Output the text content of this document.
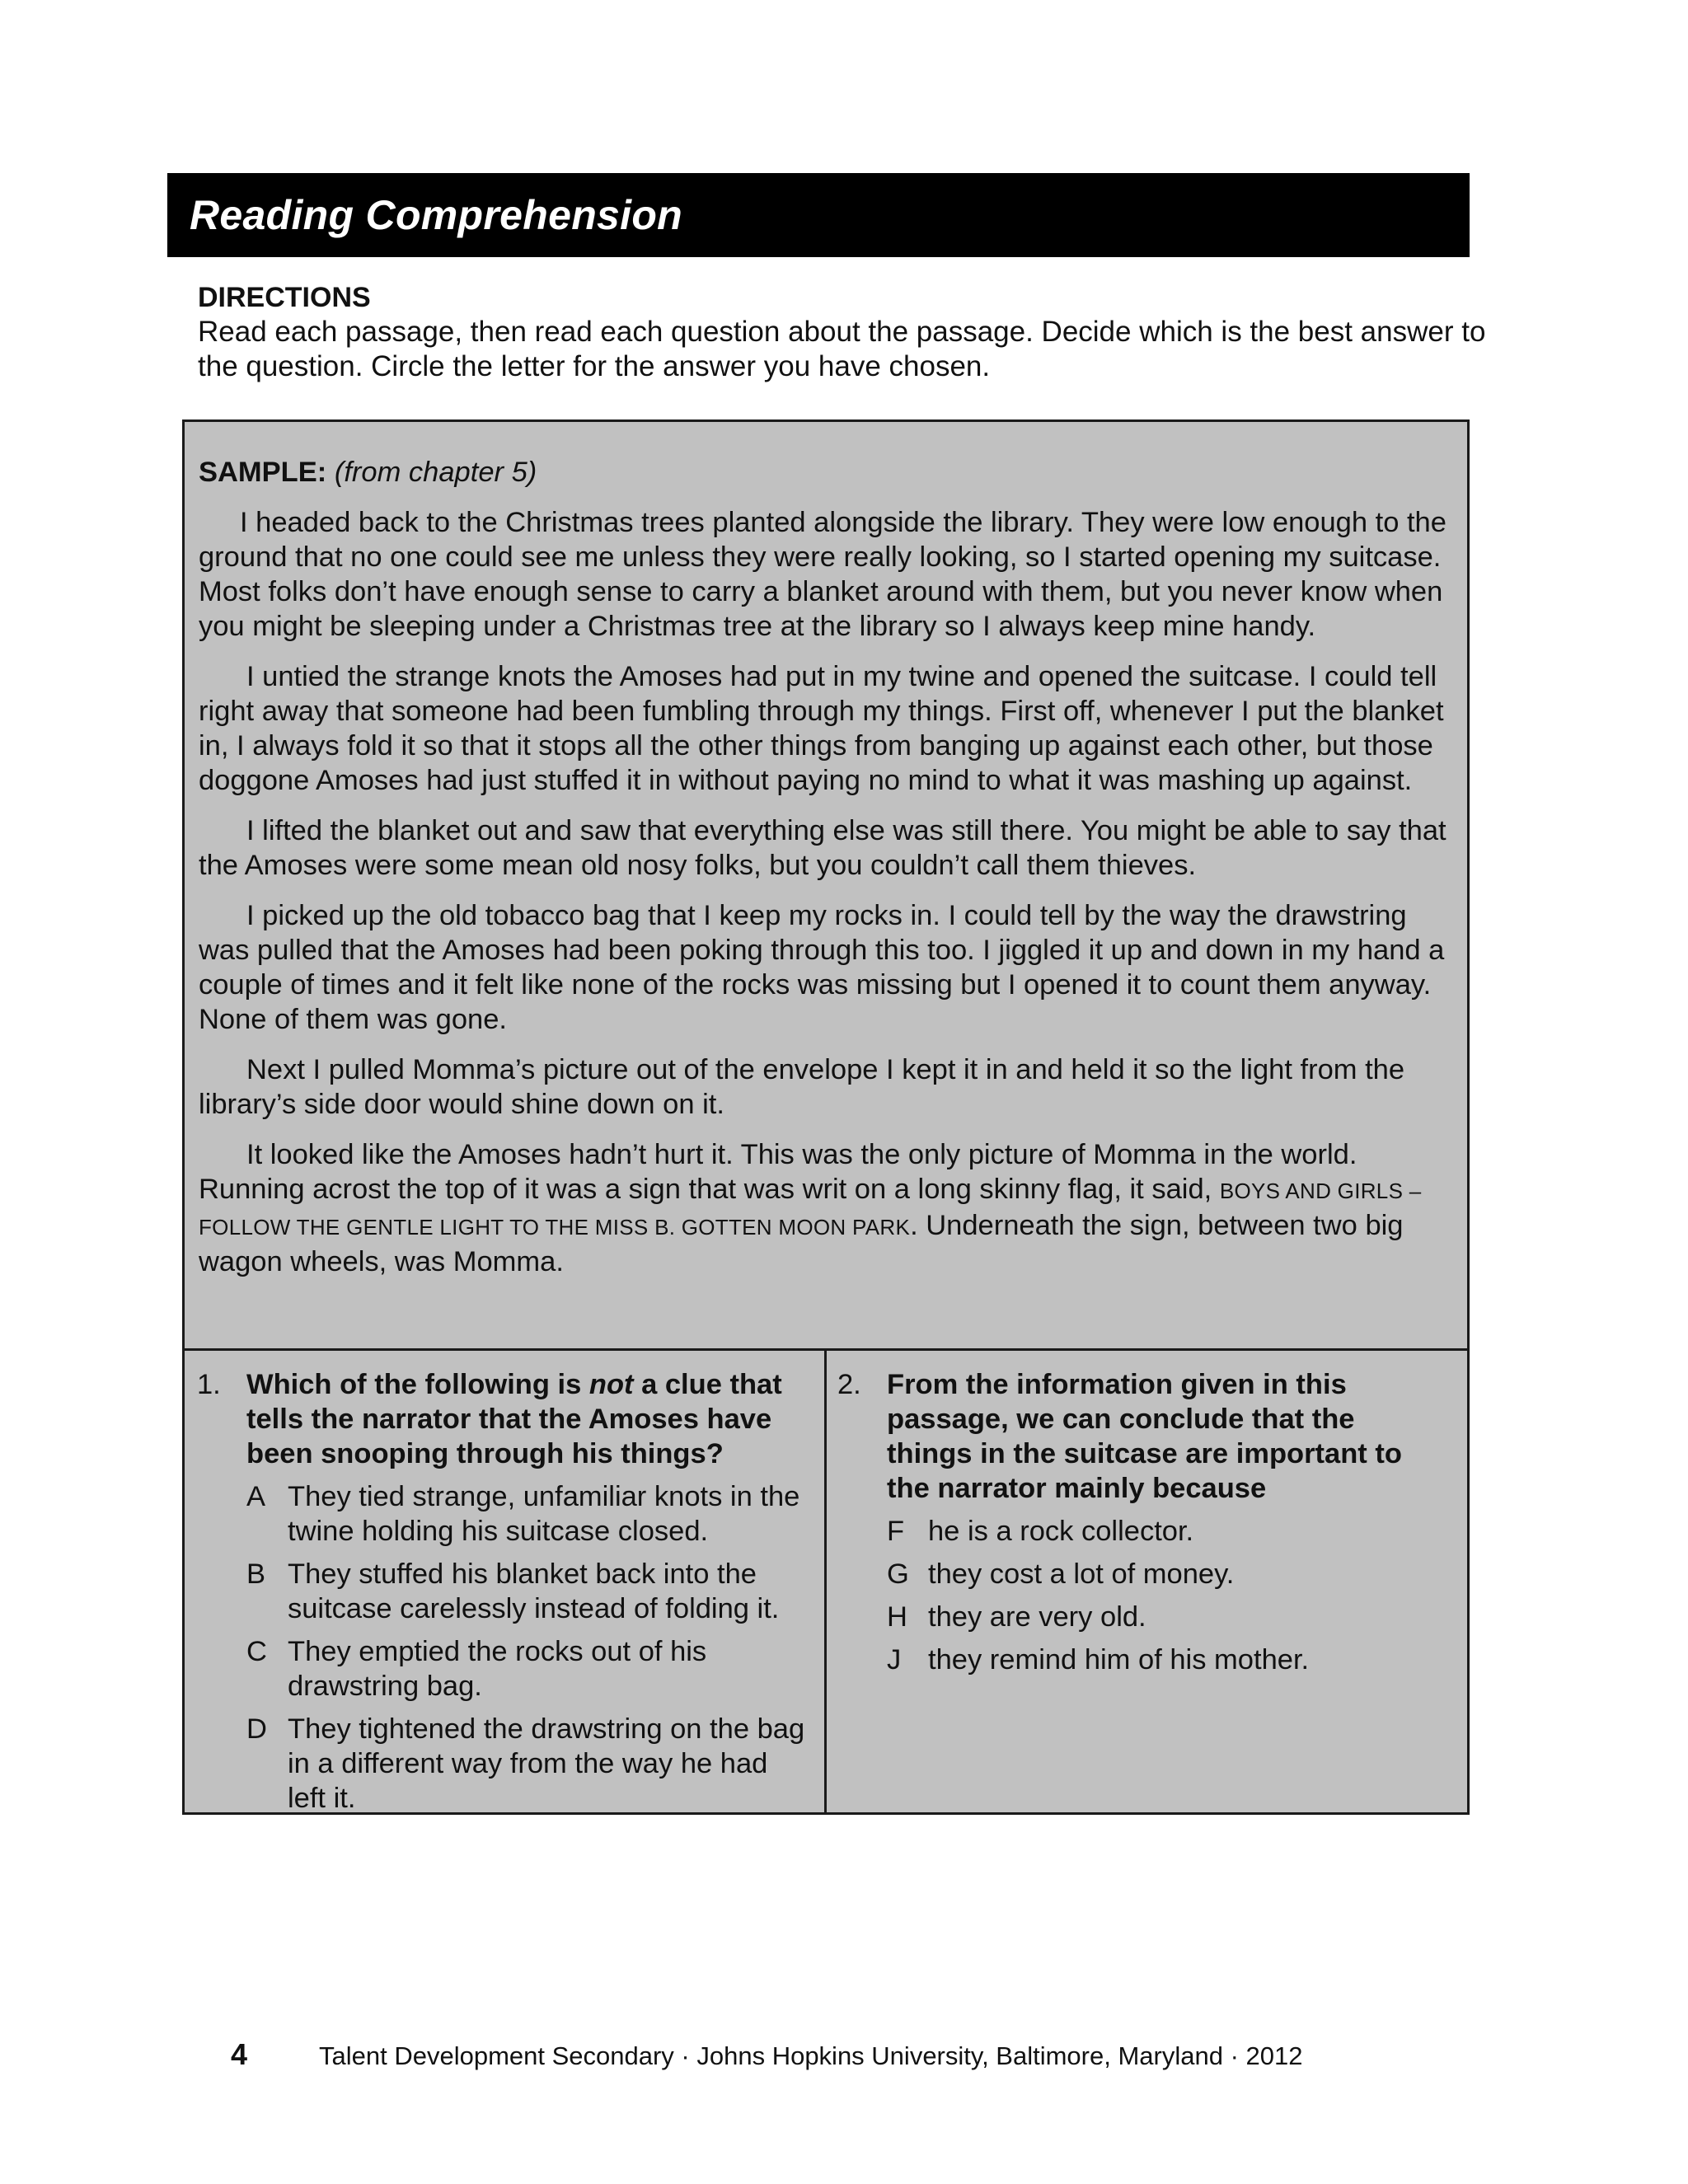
Reading Comprehension
DIRECTIONS
Read each passage, then read each question about the passage. Decide which is the best answer to the question. Circle the letter for the answer you have chosen.
SAMPLE: (from chapter 5)

I headed back to the Christmas trees planted alongside the library. They were low enough to the ground that no one could see me unless they were really looking, so I started opening my suitcase. Most folks don’t have enough sense to carry a blanket around with them, but you never know when you might be sleeping under a Christmas tree at the library so I always keep mine handy.

I untied the strange knots the Amoses had put in my twine and opened the suitcase. I could tell right away that someone had been fumbling through my things. First off, whenever I put the blanket in, I always fold it so that it stops all the other things from banging up against each other, but those doggone Amoses had just stuffed it in without paying no mind to what it was mashing up against.

I lifted the blanket out and saw that everything else was still there. You might be able to say that the Amoses were some mean old nosy folks, but you couldn’t call them thieves.

I picked up the old tobacco bag that I keep my rocks in. I could tell by the way the drawstring was pulled that the Amoses had been poking through this too. I jiggled it up and down in my hand a couple of times and it felt like none of the rocks was missing but I opened it to count them anyway. None of them was gone.

Next I pulled Momma’s picture out of the envelope I kept it in and held it so the light from the library’s side door would shine down on it.

It looked like the Amoses hadn’t hurt it. This was the only picture of Momma in the world. Running acrost the top of it was a sign that was writ on a long skinny flag, it said, BOYS AND GIRLS – FOLLOW THE GENTLE LIGHT TO THE MISS B. GOTTEN MOON PARK. Underneath the sign, between two big wagon wheels, was Momma.

1. Which of the following is not a clue that tells the narrator that the Amoses have been snooping through his things?
A They tied strange, unfamiliar knots in the twine holding his suitcase closed.
B They stuffed his blanket back into the suitcase carelessly instead of folding it.
C They emptied the rocks out of his drawstring bag.
D They tightened the drawstring on the bag in a different way from the way he had left it.
2. From the information given in this passage, we can conclude that the things in the suitcase are important to the narrator mainly because
F he is a rock collector.
G they cost a lot of money.
H they are very old.
J they remind him of his mother.
4	Talent Development Secondary · Johns Hopkins University, Baltimore, Maryland · 2012
